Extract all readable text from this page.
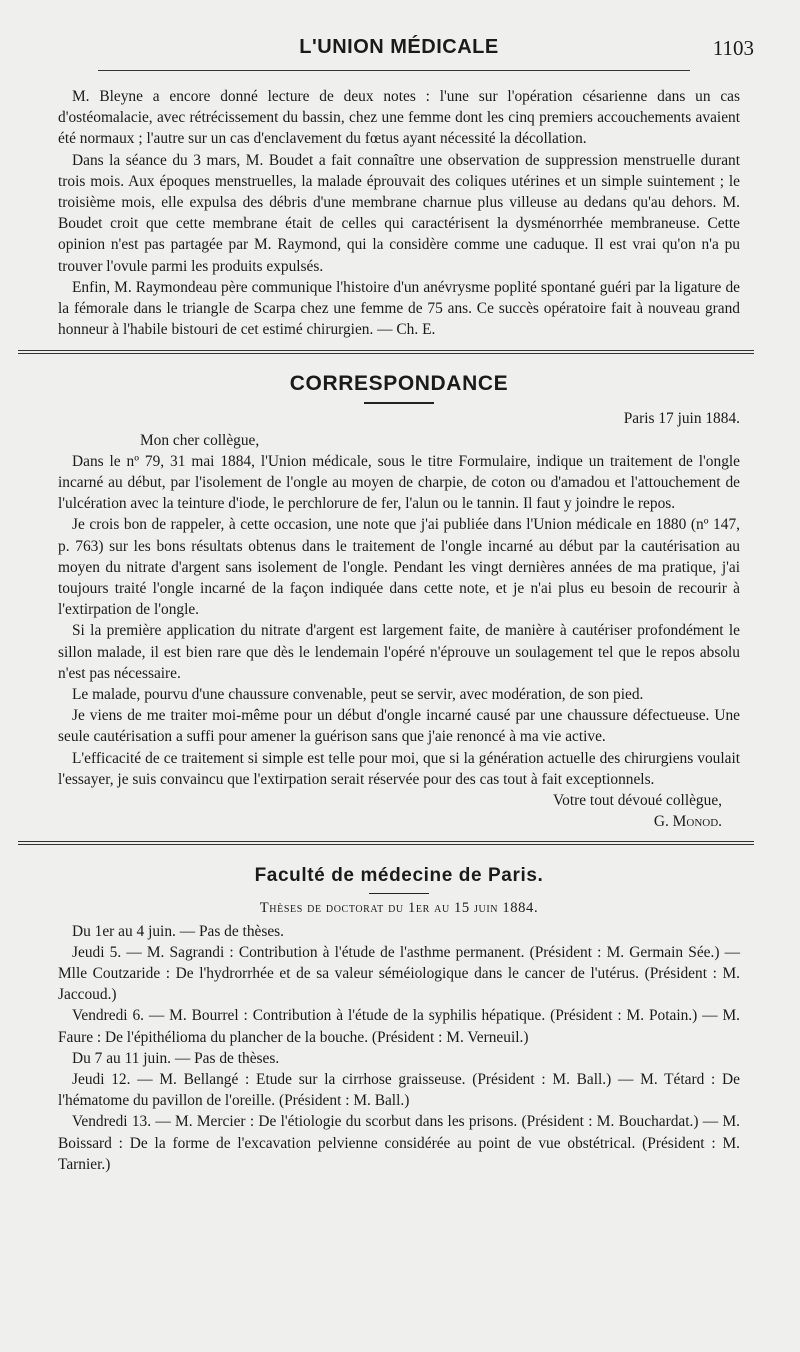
L'UNION MÉDICALE	1103

M. Bleyne a encore donné lecture de deux notes : l'une sur l'opération césarienne dans un cas d'ostéomalacie, avec rétrécissement du bassin, chez une femme dont les cinq premiers accouchements avaient été normaux ; l'autre sur un cas d'enclavement du fœtus ayant nécessité la décollation.

Dans la séance du 3 mars, M. Boudet a fait connaître une observation de suppression menstruelle durant trois mois. Aux époques menstruelles, la malade éprouvait des coliques utérines et un simple suintement ; le troisième mois, elle expulsa des débris d'une membrane charnue plus villeuse au dedans qu'au dehors. M. Boudet croit que cette membrane était de celles qui caractérisent la dysménorrhée membraneuse. Cette opinion n'est pas partagée par M. Raymond, qui la considère comme une caduque. Il est vrai qu'on n'a pu trouver l'ovule parmi les produits expulsés.

Enfin, M. Raymondeau père communique l'histoire d'un anévrysme poplité spontané guéri par la ligature de la fémorale dans le triangle de Scarpa chez une femme de 75 ans. Ce succès opératoire fait à nouveau grand honneur à l'habile bistouri de cet estimé chirurgien. — Ch. E.

CORRESPONDANCE

Paris 17 juin 1884.

Mon cher collègue,

Dans le nº 79, 31 mai 1884, l'Union médicale, sous le titre Formulaire, indique un traitement de l'ongle incarné au début, par l'isolement de l'ongle au moyen de charpie, de coton ou d'amadou et l'attouchement de l'ulcération avec la teinture d'iode, le perchlorure de fer, l'alun ou le tannin. Il faut y joindre le repos.

Je crois bon de rappeler, à cette occasion, une note que j'ai publiée dans l'Union médicale en 1880 (nº 147, p. 763) sur les bons résultats obtenus dans le traitement de l'ongle incarné au début par la cautérisation au moyen du nitrate d'argent sans isolement de l'ongle. Pendant les vingt dernières années de ma pratique, j'ai toujours traité l'ongle incarné de la façon indiquée dans cette note, et je n'ai plus eu besoin de recourir à l'extirpation de l'ongle.

Si la première application du nitrate d'argent est largement faite, de manière à cautériser profondément le sillon malade, il est bien rare que dès le lendemain l'opéré n'éprouve un soulagement tel que le repos absolu n'est pas nécessaire.

Le malade, pourvu d'une chaussure convenable, peut se servir, avec modération, de son pied.

Je viens de me traiter moi-même pour un début d'ongle incarné causé par une chaussure défectueuse. Une seule cautérisation a suffi pour amener la guérison sans que j'aie renoncé à ma vie active.

L'efficacité de ce traitement si simple est telle pour moi, que si la génération actuelle des chirurgiens voulait l'essayer, je suis convaincu que l'extirpation serait réservée pour des cas tout à fait exceptionnels.

Votre tout dévoué collègue,

G. Monod.

Faculté de médecine de Paris.
Thèses de doctorat du 1er au 15 juin 1884.

Du 1er au 4 juin. — Pas de thèses.

Jeudi 5. — M. Sagrandi : Contribution à l'étude de l'asthme permanent. (Président : M. Germain Sée.) — Mlle Coutzaride : De l'hydrorrhée et de sa valeur séméiologique dans le cancer de l'utérus. (Président : M. Jaccoud.)

Vendredi 6. — M. Bourrel : Contribution à l'étude de la syphilis hépatique. (Président : M. Potain.) — M. Faure : De l'épithélioma du plancher de la bouche. (Président : M. Verneuil.)

Du 7 au 11 juin. — Pas de thèses.

Jeudi 12. — M. Bellangé : Etude sur la cirrhose graisseuse. (Président : M. Ball.) — M. Tétard : De l'hématome du pavillon de l'oreille. (Président : M. Ball.)

Vendredi 13. — M. Mercier : De l'étiologie du scorbut dans les prisons. (Président : M. Bouchardat.) — M. Boissard : De la forme de l'excavation pelvienne considérée au point de vue obstétrical. (Président : M. Tarnier.)
